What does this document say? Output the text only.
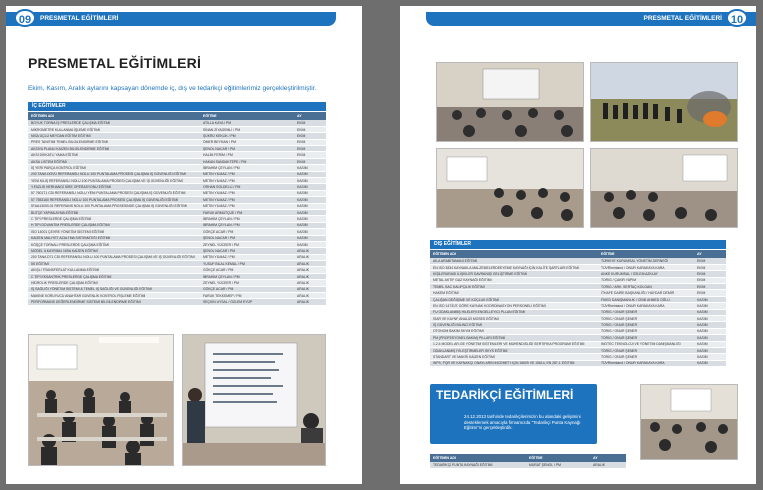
PRESMETAL EĞİTİMLERİ
09
PRESMETAL EĞİTİMLERİ
Ekim, Kasım, Aralık aylarını kapsayan dönemde iç, dış ve tedarikçi eğitimlerimiz gerçekleştirilmiştir.
İÇ EĞİTİMLER
EĞİTİMİN ADI	EĞİTİMİ	AY
BOYUK TORNA İŞ PRESLERDE ÇALIŞMA EĞİTİMİ	ATİLLA KAYA / PM	EKİM
MİKROMETRE KULLANMA İŞLEME EĞİTİMİ	SİNAN ZİYAGEMLİ / PM	EKİM
NİSA ÜÇLÜ MEYDAN EĞİTİM EĞİTİMİ	ŞÜKRÜ KEKLİK / PM	EKİM
PRES TANITIMI TEMEL BİLGİLENDİRME EĞİTİMİ	ÖMER BEYHAN / PM	EKİM
AKSİYA PLANLI KAİZEN BİLGİLENDİRME EĞİTİMİ	ŞENOL NACAR / PM	EKİM
AKSİ DİKKATLİ YAMA EĞİTİMİ	HALİM FERİM / PM	EKİM
AKSA LİSTEM EĞİTİMİ	HAKAN SANDAKTEPE / PM	EKİM
İŞ YERİ PARÇA KONTROL EĞİTİMİ	İBRAHİM ÇEYLAN / PM	KASIM
200 TANA DÖVÜ REFERANSLI NOLU 100 PUNTALAMA PROSESİ ÇALIŞMA İŞ GÜVENLİĞİ EĞİTİMİ	METİN YILMAZ / PM	KASIM
YENİ KILIŞ REFERANSLI NOLU 100 PUNTALAMA PROSESİ ÇALIŞMA VE İŞ GÜVENLİĞİ EĞİTİMİ	METİN YILMAZ / PM	KASIM
Y.FAZLIS HERHANGİ SİRE OPERASYONU EĞİTİMİ	ORHAN SÖLDELLİ / PM	KASIM
57 7601T1 CDI REFERANSLI NOLU YENİ PUNTALAMA PROSESİ ÇALIŞMA İŞ GÜVENLİĞİ EĞİTİMİ	METİN YILMAZ / PM	KASIM
57 7553160 REFERANSLI NOLU 100 PUNTALAMA PROSESİ ÇALIŞMA İŞ GÜVENLİĞİ EĞİTİMİ	METİN YILMAZ / PM	KASIM
5TAA13000-01 REFERANS NOLU 100 PUNTALAMA PROSESİNDE ÇALIŞMA İŞ GÜVENLİĞİ EĞİTİMİ	METİN YILMAZ / PM	KASIM
BUTÇE YAPIMLAYMA EĞİTİMİ	FARUK ARMUTÇUE / PM	KASIM
C TİPİ PRESLERDE ÇALIŞMA EĞİTİMİ	İBRAHİM ÇEYLAN / PM	KASIM
H TİPİ DOVANTIM PRESLERDE ÇALIŞMA EĞİTİMİ	İBRAHİM ÇEYLAN / PM	KASIM
ISO 14001 ÇEVRE YÖNETİM SİSTEMİ EĞİTİMİ	GÖKÇE ACAR / PM	KASIM
KAIZEN MALİYET AZALTMA SİSTEMATİĞİ EĞİTİMİ	ŞENOL NACAR / PM	KASIM
KÖŞÇE TORNALI PRESLERDE ÇALIŞMA EĞİTİMİ	ZEYNEL YÜCEER / PM	KASIM
MODEL İLKAYRIMLI NİSA KAİZEN EĞİTİMİ	ŞENOL NACAR / PM	ARALIK
200 TANA D71 CDI REFERANSLI NOLU 100 PUNTALAMA PROSESİ ÇALIŞMA VE İŞ GÜVENLİĞİ EĞİTİMİ	METİN YILMAZ / PM	ARALIK
5S EĞİTİMİ	YUSUF BİLAL KEMAL / PM	ARALIK
AKIŞLI TRANSFERLAT KULLANMA EĞİTİMİ	GÖKÇE ACAR / PM	ARALIK
C TİPİ EKSANTRİK PRESLERDE ÇALIŞMA EĞİTİMİ	İBRAHİM ÇEYLAN / PM	ARALIK
HİDROLİK PRESLERDE ÇALIŞMA EĞİTİMİ	ZEYNEL YÜCEER / PM	ARALIK
İŞ SAĞLIĞI YÖNETİM SİSTEMİ & TEMEL İŞ SAĞLIĞI VE GÜVENLİĞİ EĞİTİMİ	GÖKÇE ACAR / PM	ARALIK
MAKİNE KORUYUCU ANAHTAR GÜVENLİK KONTROL FİŞLEME EĞİTİMİ	FARUK TEKKEMEP / PM	ARALIK
PERFORMANS DEĞERLENDİRME SİSTEMİ BİLGİLENDİRME EĞİTİMİ	SEÇKİN UYSAL / ÖZLEM EYÜP	ARALIK
PRESMETAL EĞİTİMLERİ 10
DIŞ EĞİTİMLER
EĞİTİMİN ADI	EĞİTİMİ	AY
AİLA ARABİTAMANİ EĞİTİMİ	TÜRKİYE KURUMSAL YÖNETİM DERNEĞİ	EKİM
EN ISO 3834 KAYNAKLA MALZEMELERDEEYEME KAYNAĞI İÇİN KALİTE ŞARTLARI EĞİTİMİ	TÜVRheinland / ONUR KARAKAYA KARA	EKİM
KİŞİLERARASI İLİŞKİLER DAVRANIŞI GELİŞTİRME EĞİTİMİ	ANKE KURUMSAL / ÖZLEM AZKLAY	EKİM
METAL AKTİF GAZ KAYNAĞI EĞİTİMİ	TORİG / ÇAKIR YAPIM	EKİM
TEMEL SAC KALIPÇILIK EĞİTİMİ	TORİG / ARK. SERTAÇ KOLGAN	EKİM
HAKEM EĞİTİMİ	İTHAFE DAİRE BAŞKANLIĞI / HAYDAR DEMİR	EKİM
ÇALIŞAN DEĞİŞİME VE KOÇLUK EĞİTİMİ	FİKED DANIŞMANLIK / CEMİ AHMED OĞLU	KASIM
EN ISO 14731'E GÖRE KAYNAK KOORDİNASYON PERSONELİ EĞİTİMİ	TÜVRheinland / ONUR KARAKAYA KARA	KASIM
FU ODAKLANMIŞ HİLELERİ ENGELLEYİCİ PLLAN EĞİTİMİ	TORİG / ONUR ŞENER	KASIM
İSAR VE KAYNF ANALİZİ MOSES EĞİTİMİ	TORİG / ONUR ŞENER	KASIM
İŞ GÜVENLİĞİ BİLİNCİ EĞİTİMİ	TORİG / ONUR ŞENER	KASIM
OTONOM BAKIM SKYM EĞİTİMİ	TORİG / ONUR ŞENER	KASIM
PM (PROFESYONEL BAKIM) PILLARI EĞİTİMİ	TORİG / ONUR ŞENER	KASIM
1.2.4 MODEL AR-GE YÖNETİM SİSTEMLERİ VE MÜHENDİSLİĞİ SERTİFİKA PROGRAMI EĞİTİMİ	İNOTEC TEKNOLOJİ VE YÖNETİM DANIŞMANLIĞI	KASIM
ODAKLANMIŞ İYİLEŞTİRMELER SKYS EĞİTİMİ	TORİG / ONUR ŞENER	KASIM
STANDART VE MAKRİ KAİZEN EĞİTİMİ	TORİG / ONUR ŞENER	KASIM
WPS, PQR VE KAYNAKÇI ONAYLARIN İNCEMETİ İÇİN 15609 VE 15614, EN 287-1 EĞİTİMİ	TÜVRheinland / ONUR KARAKAYA KARA	KASIM
TEDARİKÇİ EĞİTİMLERİ

24.12.2013 tarihinde tedarikçilerimizin bu alandaki gelişimini desteklemek amacıyla firmamızda "Tedarikçi Punta Kaynağı Eğitimi"ni gerçekleştirdik.

EĞİTİMİN ADI	EĞİTİMİ	AY
TEDARİKÇİ PUNTA KAYNAĞI EĞİTİMİ	MURAT ŞENOL / PM	ARALIK
